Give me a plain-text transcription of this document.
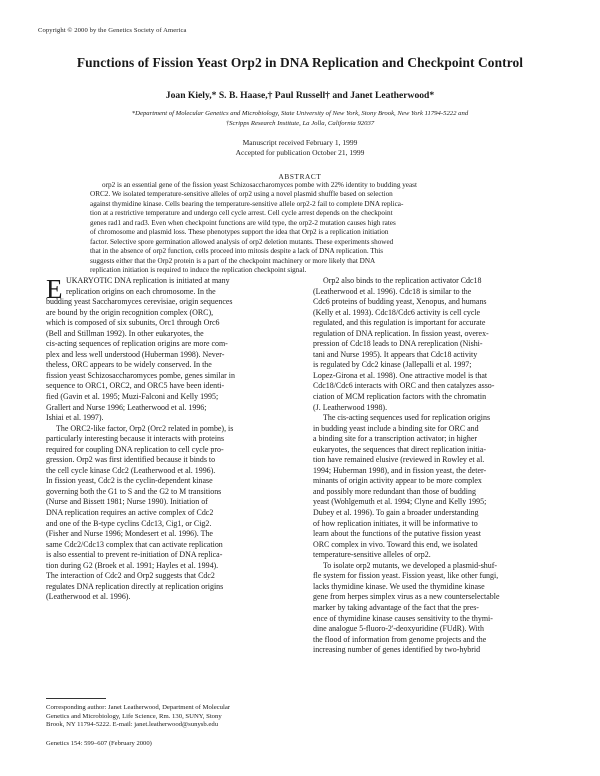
Copyright © 2000 by the Genetics Society of America
Functions of Fission Yeast Orp2 in DNA Replication and Checkpoint Control
Joan Kiely,* S. B. Haase,† Paul Russell† and Janet Leatherwood*
*Department of Molecular Genetics and Microbiology, State University of New York, Stony Brook, New York 11794-5222 and
†Scripps Research Institute, La Jolla, California 92037
Manuscript received February 1, 1999
Accepted for publication October 21, 1999
ABSTRACT
orp2 is an essential gene of the fission yeast Schizosaccharomyces pombe with 22% identity to budding yeast
ORC2. We isolated temperature-sensitive alleles of orp2 using a novel plasmid shuffle based on selection
against thymidine kinase. Cells bearing the temperature-sensitive allele orp2-2 fail to complete DNA replica-
tion at a restrictive temperature and undergo cell cycle arrest. Cell cycle arrest depends on the checkpoint
genes rad1 and rad3. Even when checkpoint functions are wild type, the orp2-2 mutation causes high rates
of chromosome and plasmid loss. These phenotypes support the idea that Orp2 is a replication initiation
factor. Selective spore germination allowed analysis of orp2 deletion mutants. These experiments showed
that in the absence of orp2 function, cells proceed into mitosis despite a lack of DNA replication. This
suggests either that the Orp2 protein is a part of the checkpoint machinery or more likely that DNA
replication initiation is required to induce the replication checkpoint signal.
E UKARYOTIC DNA replication is initiated at many
replication origins on each chromosome. In the
budding yeast Saccharomyces cerevisiae, origin sequences
are bound by the origin recognition complex (ORC),
which is composed of six subunits, Orc1 through Orc6
(Bell and Stillman 1992). In other eukaryotes, the
cis-acting sequences of replication origins are more com-
plex and less well understood (Huberman 1998). Never-
theless, ORC appears to be widely conserved. In the
fission yeast Schizosaccharomyces pombe, genes similar in
sequence to ORC1, ORC2, and ORC5 have been identi-
fied (Gavin et al. 1995; Muzi-Falconi and Kelly 1995;
Grallert and Nurse 1996; Leatherwood et al. 1996;
Ishiai et al. 1997).
The ORC2-like factor, Orp2 (Orc2 related in pombe), is
particularly interesting because it interacts with proteins
required for coupling DNA replication to cell cycle pro-
gression. Orp2 was first identified because it binds to
the cell cycle kinase Cdc2 (Leatherwood et al. 1996).
In fission yeast, Cdc2 is the cyclin-dependent kinase
governing both the G1 to S and the G2 to M transitions
(Nurse and Bissett 1981; Nurse 1990). Initiation of
DNA replication requires an active complex of Cdc2
and one of the B-type cyclins Cdc13, Cig1, or Cig2.
(Fisher and Nurse 1996; Mondesert et al. 1996). The
same Cdc2/Cdc13 complex that can activate replication
is also essential to prevent re-initiation of DNA replica-
tion during G2 (Broek et al. 1991; Hayles et al. 1994).
The interaction of Cdc2 and Orp2 suggests that Cdc2
regulates DNA replication directly at replication origins
(Leatherwood et al. 1996).
Orp2 also binds to the replication activator Cdc18
(Leatherwood et al. 1996). Cdc18 is similar to the
Cdc6 proteins of budding yeast, Xenopus, and humans
(Kelly et al. 1993). Cdc18/Cdc6 activity is cell cycle
regulated, and this regulation is important for accurate
regulation of DNA replication. In fission yeast, overex-
pression of Cdc18 leads to DNA rereplication (Nishi-
tani and Nurse 1995). It appears that Cdc18 activity
is regulated by Cdc2 kinase (Jallepalli et al. 1997;
Lopez-Girona et al. 1998). One attractive model is that
Cdc18/Cdc6 interacts with ORC and then catalyzes asso-
ciation of MCM replication factors with the chromatin
(J. Leatherwood 1998).
The cis-acting sequences used for replication origins
in budding yeast include a binding site for ORC and
a binding site for a transcription activator; in higher
eukaryotes, the sequences that direct replication initia-
tion have remained elusive (reviewed in Rowley et al.
1994; Huberman 1998), and in fission yeast, the deter-
minants of origin activity appear to be more complex
and possibly more redundant than those of budding
yeast (Wohlgemuth et al. 1994; Clyne and Kelly 1995;
Dubey et al. 1996). To gain a broader understanding
of how replication initiates, it will be informative to
learn about the functions of the putative fission yeast
ORC complex in vivo. Toward this end, we isolated
temperature-sensitive alleles of orp2.
To isolate orp2 mutants, we developed a plasmid-shuf-
fle system for fission yeast. Fission yeast, like other fungi,
lacks thymidine kinase. We used the thymidine kinase
gene from herpes simplex virus as a new counterselectable
marker by taking advantage of the fact that the pres-
ence of thymidine kinase causes sensitivity to the thymi-
dine analogue 5-fluoro-2'-deoxyuridine (FUdR). With
the flood of information from genome projects and the
increasing number of genes identified by two-hybrid
Corresponding author: Janet Leatherwood, Department of Molecular
Genetics and Microbiology, Life Science, Rm. 130, SUNY, Stony
Brook, NY 11794-5222. E-mail: janet.leatherwood@sunysb.edu
Genetics 154: 599–607 (February 2000)
